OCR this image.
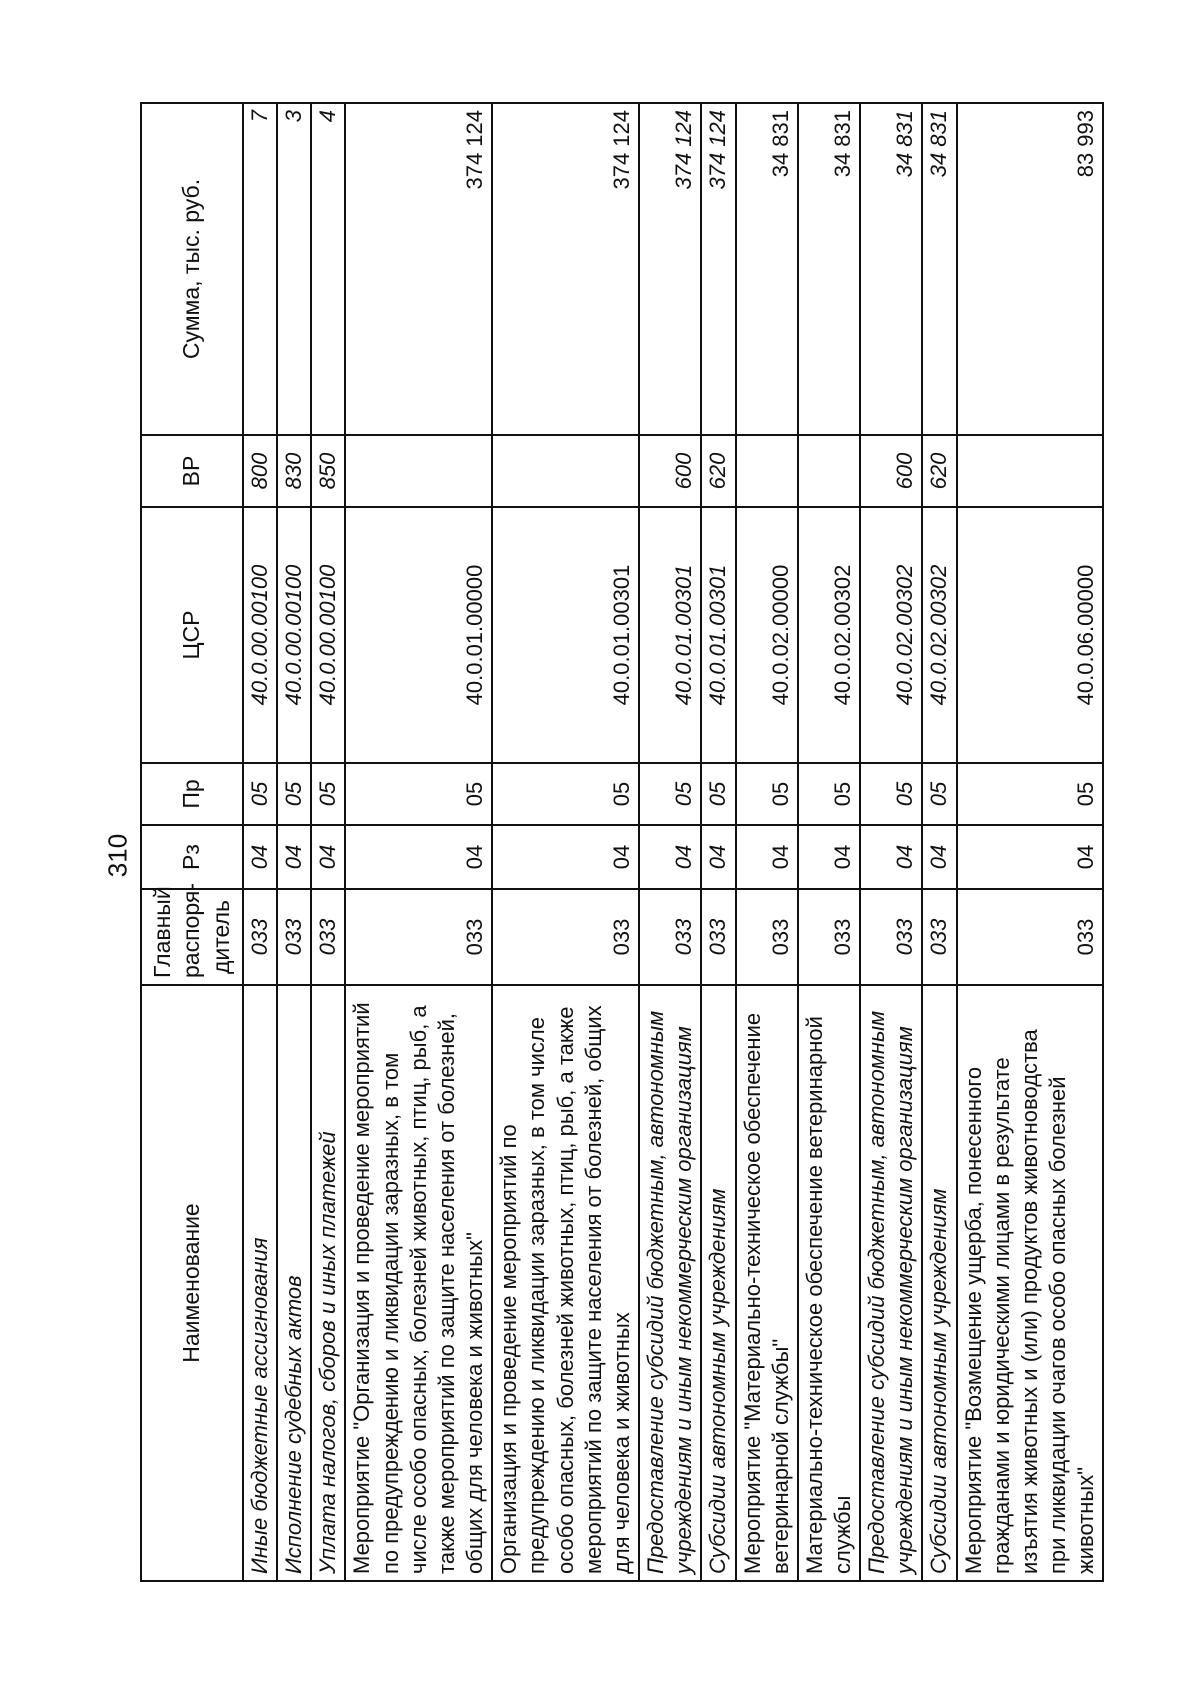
310
Наименование	Главный распоря-дитель	Рз	Пр	ЦСР	ВР	Сумма, тыс. руб.
Иные бюджетные ассигнования	033	04	05	40.0.00.00100	800	7
Исполнение судебных актов	033	04	05	40.0.00.00100	830	3
Уплата налогов, сборов и иных платежей	033	04	05	40.0.00.00100	850	4
Мероприятие "Организация и проведение мероприятий по предупреждению и ликвидации заразных, в том числе особо опасных, болезней животных, птиц, рыб, а также мероприятий по защите населения от болезней, общих для человека и животных"	033	04	05	40.0.01.00000		374 124
Организация и проведение мероприятий по предупреждению и ликвидации заразных, в том числе особо опасных, болезней животных, птиц, рыб, а также мероприятий по защите населения от болезней, общих для человека и животных	033	04	05	40.0.01.00301		374 124
Предоставление субсидий бюджетным, автономным учреждениям и иным некоммерческим организациям	033	04	05	40.0.01.00301	600	374 124
Субсидии автономным учреждениям	033	04	05	40.0.01.00301	620	374 124
Мероприятие "Материально-техническое обеспечение ветеринарной службы"	033	04	05	40.0.02.00000		34 831
Материально-техническое обеспечение ветеринарной службы	033	04	05	40.0.02.00302		34 831
Предоставление субсидий бюджетным, автономным учреждениям и иным некоммерческим организациям	033	04	05	40.0.02.00302	600	34 831
Субсидии автономным учреждениям	033	04	05	40.0.02.00302	620	34 831
Мероприятие "Возмещение ущерба, понесенного гражданами и юридическими лицами в результате изъятия животных и (или) продуктов животноводства при ликвидации очагов особо опасных болезней животных"	033	04	05	40.0.06.00000		83 993
